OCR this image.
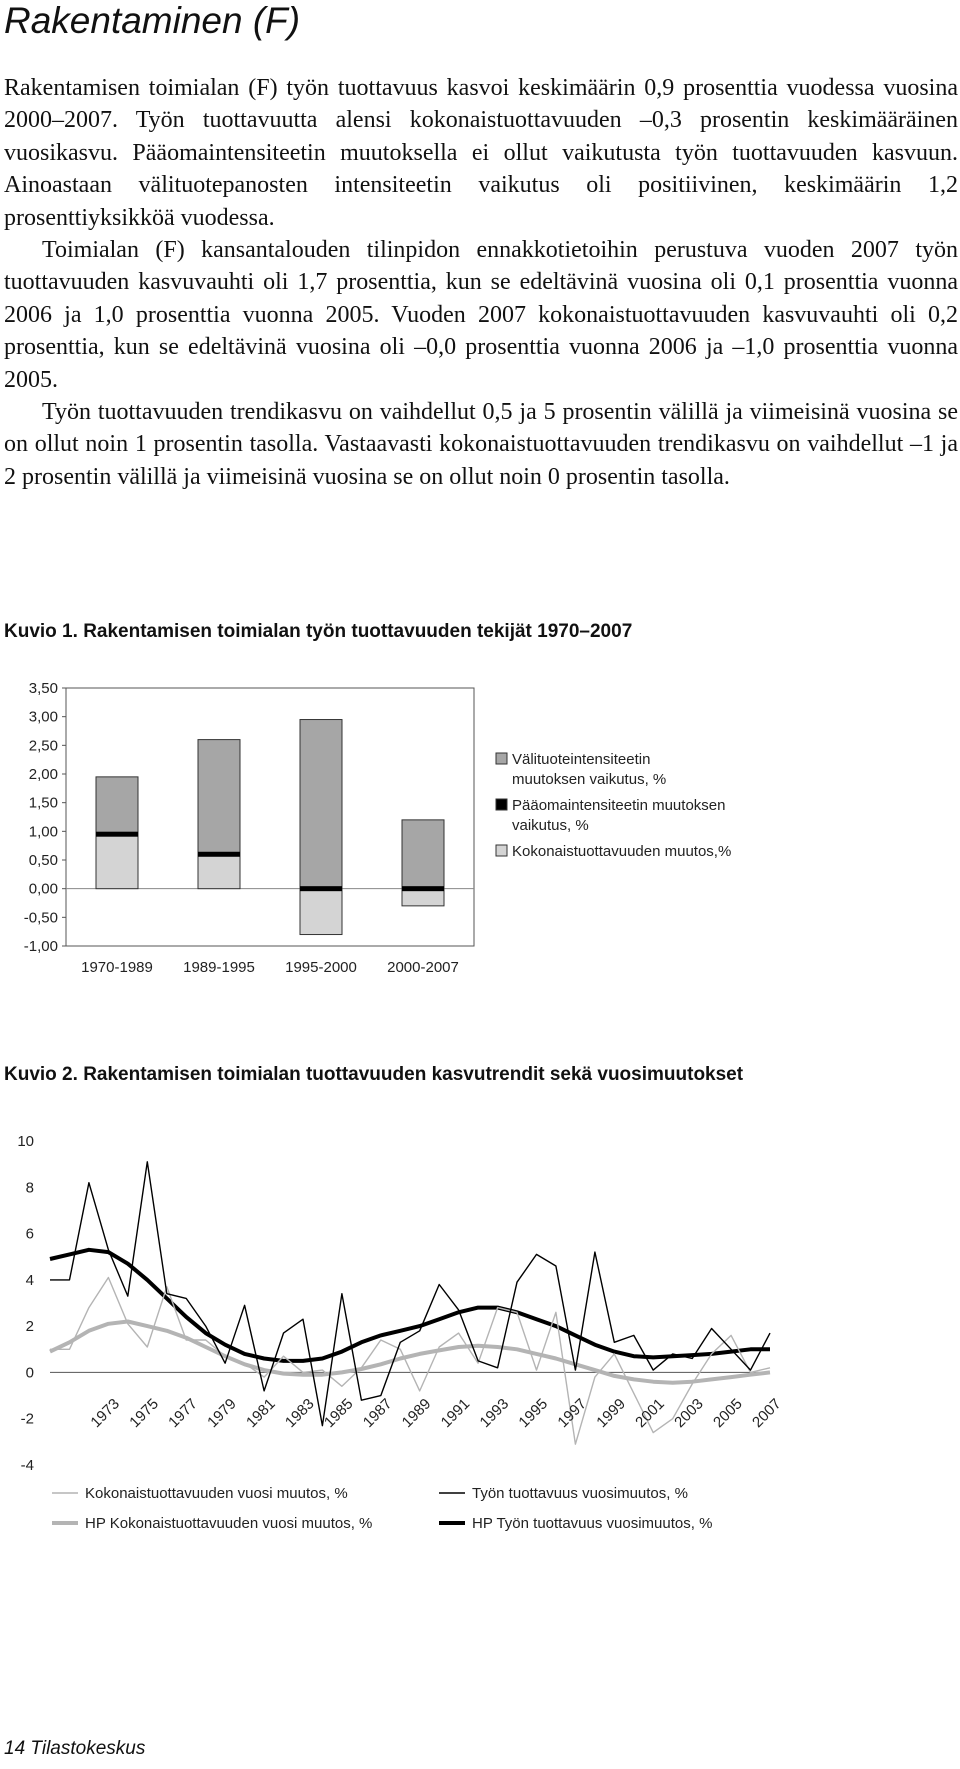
Rakentaminen (F)

Rakentamisen toimialan (F) työn tuottavuus kasvoi keskimäärin 0,9 prosenttia vuodessa vuosina 2000–2007. Työn tuottavuutta alensi kokonaistuottavuuden –0,3 prosentin keskimääräinen vuosikasvu. Pääomaintensiteetin muutoksella ei ollut vaikutusta työn tuottavuuden kasvuun. Ainoastaan välituotepanosten intensiteetin vaikutus oli positiivinen, keskimäärin 1,2 prosenttiyksikköä vuodessa.

Toimialan (F) kansantalouden tilinpidon ennakkotietoihin perustuva vuoden 2007 työn tuottavuuden kasvuvauhti oli 1,7 prosenttia, kun se edeltävinä vuosina oli 0,1 prosenttia vuonna 2006 ja 1,0 prosenttia vuonna 2005. Vuoden 2007 kokonaistuottavuuden kasvuvauhti oli 0,2 prosenttia, kun se edeltävinä vuosina oli –0,0 prosenttia vuonna 2006 ja –1,0 prosenttia vuonna 2005.

Työn tuottavuuden trendikasvu on vaihdellut 0,5 ja 5 prosentin välillä ja viimeisinä vuosina se on ollut noin 1 prosentin tasolla. Vastaavasti kokonaistuottavuuden trendikasvu on vaihdellut –1 ja 2 prosentin välillä ja viimeisinä vuosina se on ollut noin 0 prosentin tasolla.

Kuvio 1. Rakentamisen toimialan työn tuottavuuden tekijät 1970–2007
-1,00
-0,50
0,00
0,50
1,00
1,50
2,00
2,50
3,00
3,50
1970-1989 1989-1995 1995-2000 2000-2007
Välituoteintensiteetin
muutoksen vaikutus, %
Pääomaintensiteetin muutoksen
vaikutus, %
Kokonaistuottavuuden muutos,%
Kuvio 2. Rakentamisen toimialan tuottavuuden kasvutrendit sekä vuosimuutokset
-4
-2
0
2
4
6
8
10
1973 1975 1977 1979 1981 1983 1985 1987 1989 1991 1993 1995 1997 1999 2001 2003 2005 2007
Kokonaistuottavuuden vuosi muutos, %	Työn tuottavuus vuosimuutos, %
HP Kokonaistuottavuuden vuosi muutos, %	HP Työn tuottavuus vuosimuutos, %
14 Tilastokeskus
